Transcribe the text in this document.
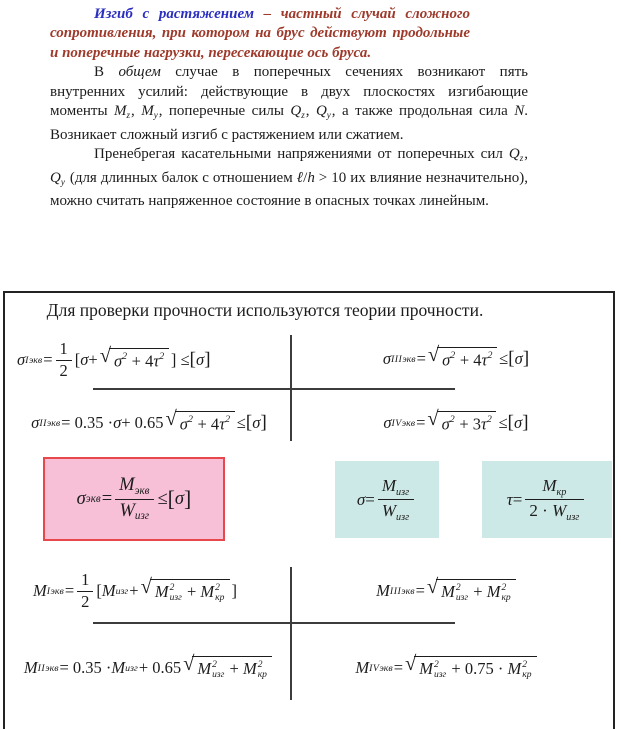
Изгиб с растяжением – частный случай сложного сопротивления, при котором на брус действуют продольные и поперечные нагрузки, пересекающие ось бруса.

В общем случае в поперечных сечениях возникают пять внутренних усилий: действующие в двух плоскостях изгибающие моменты $M_z$, $M_y$, поперечные силы $Q_z$, $Q_y$, а также продольная сила N. Возникает сложный изгиб с растяжением или сжатием.

Пренебрегая касательными напряжениями от поперечных сил $Q_z$, $Q_y$ (для длинных балок с отношением ℓ/h > 10 их влияние незначительно), можно считать напряженное состояние в опасных точках линейным.

Для проверки прочности используются теории прочности.
σ I экв = $\frac{1}{2}$ [ σ + √ $\sigma^2 + 4\tau^2$ ] ≤ [ σ ]	σ III экв = √ $\sigma^2 + 4\tau^2$ ≤ [ σ ]
σ II экв = 0.35 · σ + 0.65 √ $\sigma^2 + 4\tau^2$ ≤ [ σ ]	σ IV экв = √ $\sigma^2 + 3\tau^2$ ≤ [ σ ]
σ экв = $\frac{M_{экв}}{W_{изг}}$ ≤ [ σ ]	$\sigma = \frac{M_{изг}}{W_{изг}}$	$\tau = \frac{M_{кр}}{2 \cdot W_{изг}}$
M I экв = $\frac{1}{2}$ [ M изг + √ M 2
изг + M 2
кр ]	M III экв = √ M 2
изг + M 2
кр
M II экв = 0.35 · M изг + 0.65 √ M 2
изг + M 2
кр	M IV экв = √ M 2
изг + 0.75 · M 2
кр
